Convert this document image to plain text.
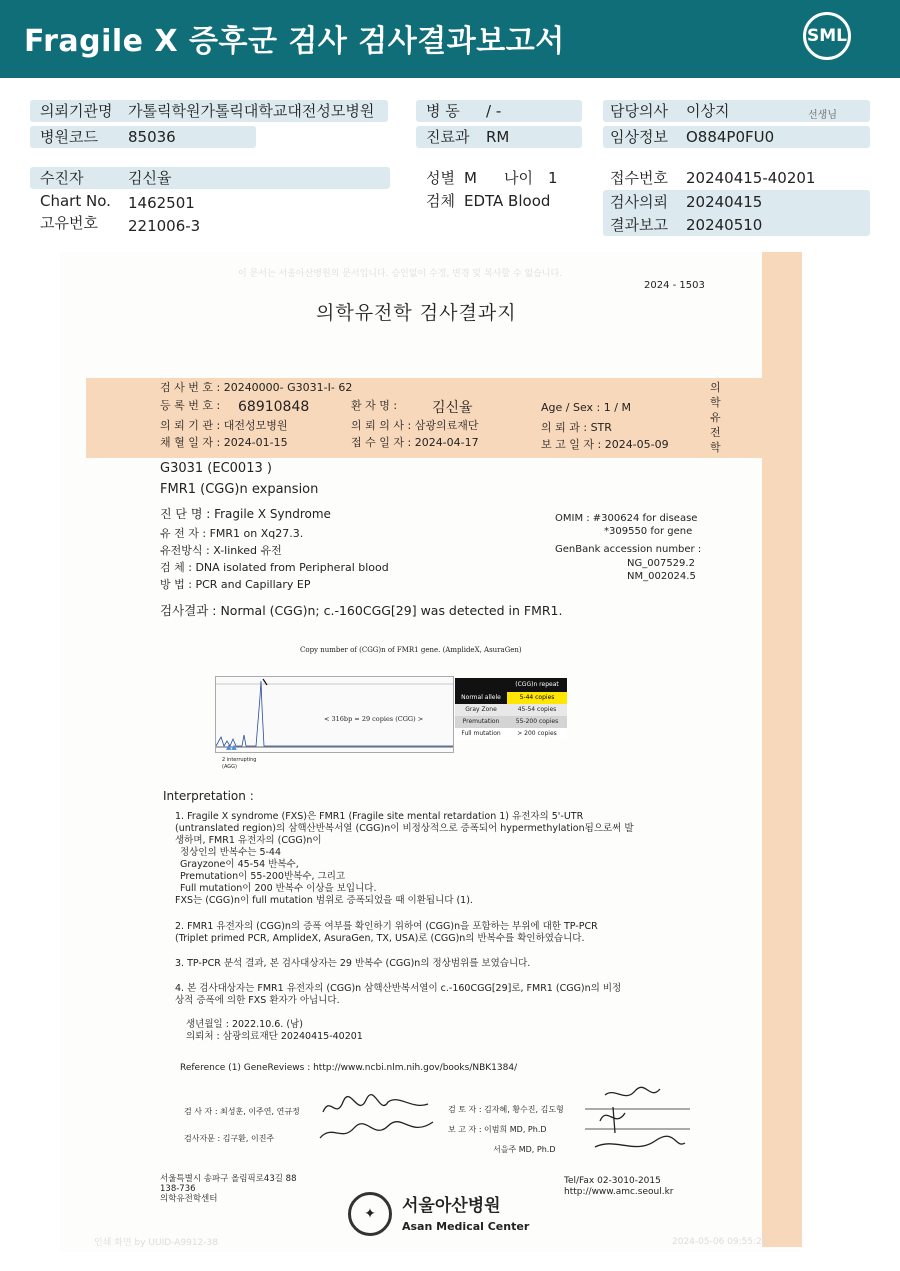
Fragile X 증후군 검사 검사결과보고서	SML
의뢰기관명 가톨릭학원가톨릭대학교대전성모병원
병원코드 85036
병 동 / -
진료과 RM
담당의사 이상지	선생님
임상정보 O884P0FU0
수진자	김신율
Chart No. 1462501
고유번호 221006-3
성별 M 나이 1
검체 EDTA Blood
접수번호 20240415-40201
검사의뢰 20240415
결과보고 20240510
이 문서는 서울아산병원의 문서입니다. 승인없이 수정, 변경 및 복사할 수 없습니다.
2024 - 1503
의학유전학 검사결과지
검 사 번 호 : 20240000- G3031-I- 62
등 록 번 호 : 68910848	환 자 명 : 김신율	Age / Sex : 1 / M
의 뢰 기 관 : 대전성모병원	의 뢰 의 사 : 삼광의료재단	의 뢰 과 : STR
채 혈 일 자 : 2024-01-15	접 수 일 자 : 2024-04-17	보 고 일 자 : 2024-05-09
의학유전학
G3031 (EC0013 )
FMR1 (CGG)n expansion
진 단 명 : Fragile X Syndrome
유 전 자 : FMR1 on Xq27.3.
유전방식 : X-linked 유전
검 체 : DNA isolated from Peripheral blood
방 법 : PCR and Capillary EP
OMIM : #300624 for disease
*309550 for gene
GenBank accession number :
NG_007529.2
NM_002024.5
검사결과 : Normal (CGG)n; c.-160CGG[29] was detected in FMR1.
Copy number of (CGG)n of FMR1 gene. (AmplideX, AsuraGen)
< 316bp = 29 copies (CGG) >
▲▲
2 interrupting
(AGG)
(CGG)n repeat
Normal allele	5-44 copies
Gray Zone	45-54 copies
Premutation	55-200 copies
Full mutation	> 200 copies
Interpretation :
1. Fragile X syndrome (FXS)은 FMR1 (Fragile site mental retardation 1) 유전자의 5'-UTR
(untranslated region)의 삼핵산반복서열 (CGG)n이 비정상적으로 증폭되어 hypermethylation됨으로써 발
생하며, FMR1 유전자의 (CGG)n이
정상인의 반복수는 5-44
Grayzone이 45-54 반복수,
Premutation이 55-200반복수, 그리고
Full mutation이 200 반복수 이상을 보입니다.
FXS는 (CGG)n이 full mutation 범위로 증폭되었을 때 이환됩니다 (1).
2. FMR1 유전자의 (CGG)n의 증폭 여부를 확인하기 위하여 (CGG)n을 포함하는 부위에 대한 TP-PCR
(Triplet primed PCR, AmplideX, AsuraGen, TX, USA)로 (CGG)n의 반복수를 확인하였습니다.
3. TP-PCR 분석 결과, 본 검사대상자는 29 반복수 (CGG)n의 정상범위를 보였습니다.
4. 본 검사대상자는 FMR1 유전자의 (CGG)n 삼핵산반복서열이 c.-160CGG[29]로, FMR1 (CGG)n의 비정
상적 증폭에 의한 FXS 환자가 아닙니다.
생년월일 : 2022.10.6. (남)
의뢰처 : 삼광의료재단 20240415-40201
Reference (1) GeneReviews : http://www.ncbi.nlm.nih.gov/books/NBK1384/
검 사 자 : 최성훈, 이주연, 연규정
검사자문 : 김구환, 이진주
검 토 자 : 김자혜, 황수진, 김도형
보 고 자 : 이범희 MD, Ph.D
서을주 MD, Ph.D
서울특별시 송파구 올림픽로43길 88
138-736
의학유전학센터
Tel/Fax 02-3010-2015
http://www.amc.seoul.kr
✦	서울아산병원
Asan Medical Center
인쇄 화면 by UUID-A9912-38	2024-05-06 09:55:27
